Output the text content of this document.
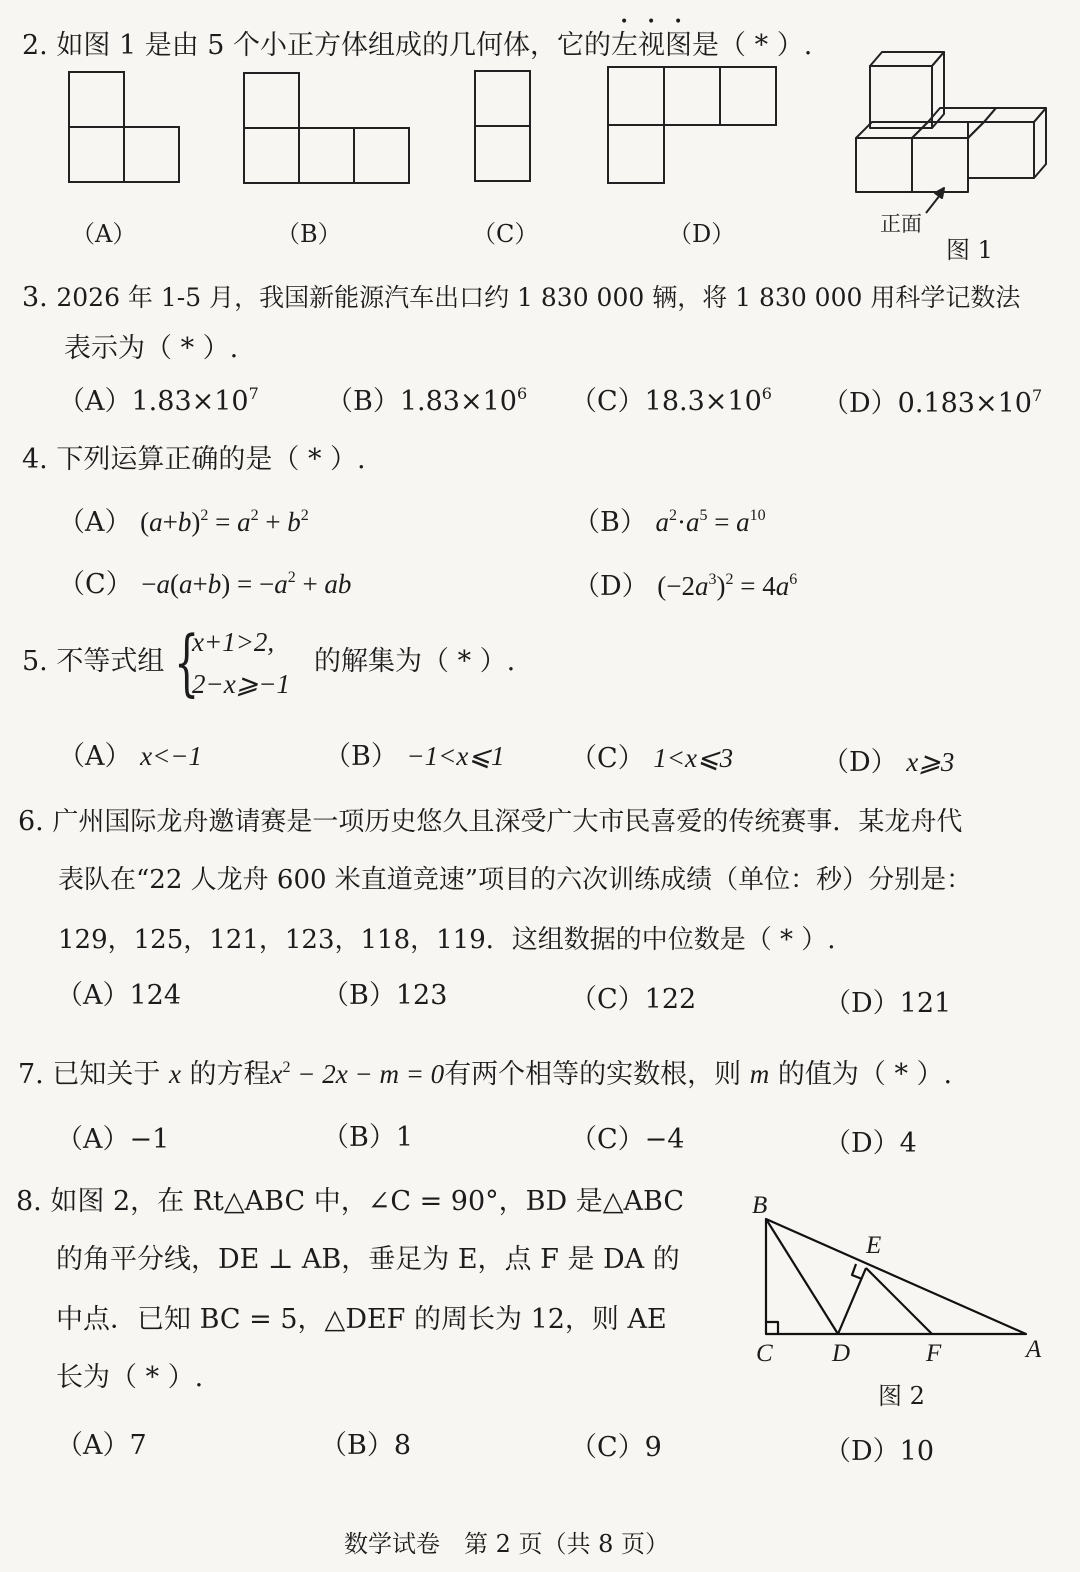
2. 如图 1 是由 5 个小正方体组成的几何体，它的左视图是（ * ）.
（A）	（B）	（C）	（D）	正面
图 1
3. 2026 年 1-5 月，我国新能源汽车出口约 1 830 000 辆，将 1 830 000 用科学记数法
表示为（ * ）.
$(A)1.83\times 10^7$ $(B)1.83\times 10^6$ $(C)18.3\times 10^6$ $(D)0.183\times 10^7$
4. 下列运算正确的是（ * ）.
（A） $(a+b)^2 = a^2 + b^2$	（B） $a^2\cdot a^5 = a^{10}$
$(C) -a(a+b) = -a^2$ + ab	（D） $(-2a^3)^2 = 4a^6$
5. 不等式组 {
x+1>2,
2−x⩾−1
的解集为（ * ）.
（A） x<−1	（B） −1<x⩽1 （C） 1<x⩽3	（D） x⩾3
6. 广州国际龙舟邀请赛是一项历史悠久且深受广大市民喜爱的传统赛事．某龙舟代
表队在“22 人龙舟 600 米直道竞速”项目的六次训练成绩（单位：秒）分别是：
129，125，121，123，118，119．这组数据的中位数是（ * ）.
（A）124	（B）123	（C）122	（D）121
7. 已知关于 x 的方程$x^2 - 2x - m = 0$有两个相等的实数根，则 m 的值为（ * ）.
（A）−1	（B）1	（C）−4	（D）4
8. 如图 2，在 Rt△ABC 中，∠C = 90°，BD 是△ABC
的角平分线，DE ⊥ AB，垂足为 E，点 F 是 DA 的
中点．已知 BC = 5，△DEF 的周长为 12，则 AE
长为（ * ）.
B
E
C D	F	A
图 2
（A）7	（B）8	（C）9	（D）10
数学试卷　第 2 页（共 8 页）
